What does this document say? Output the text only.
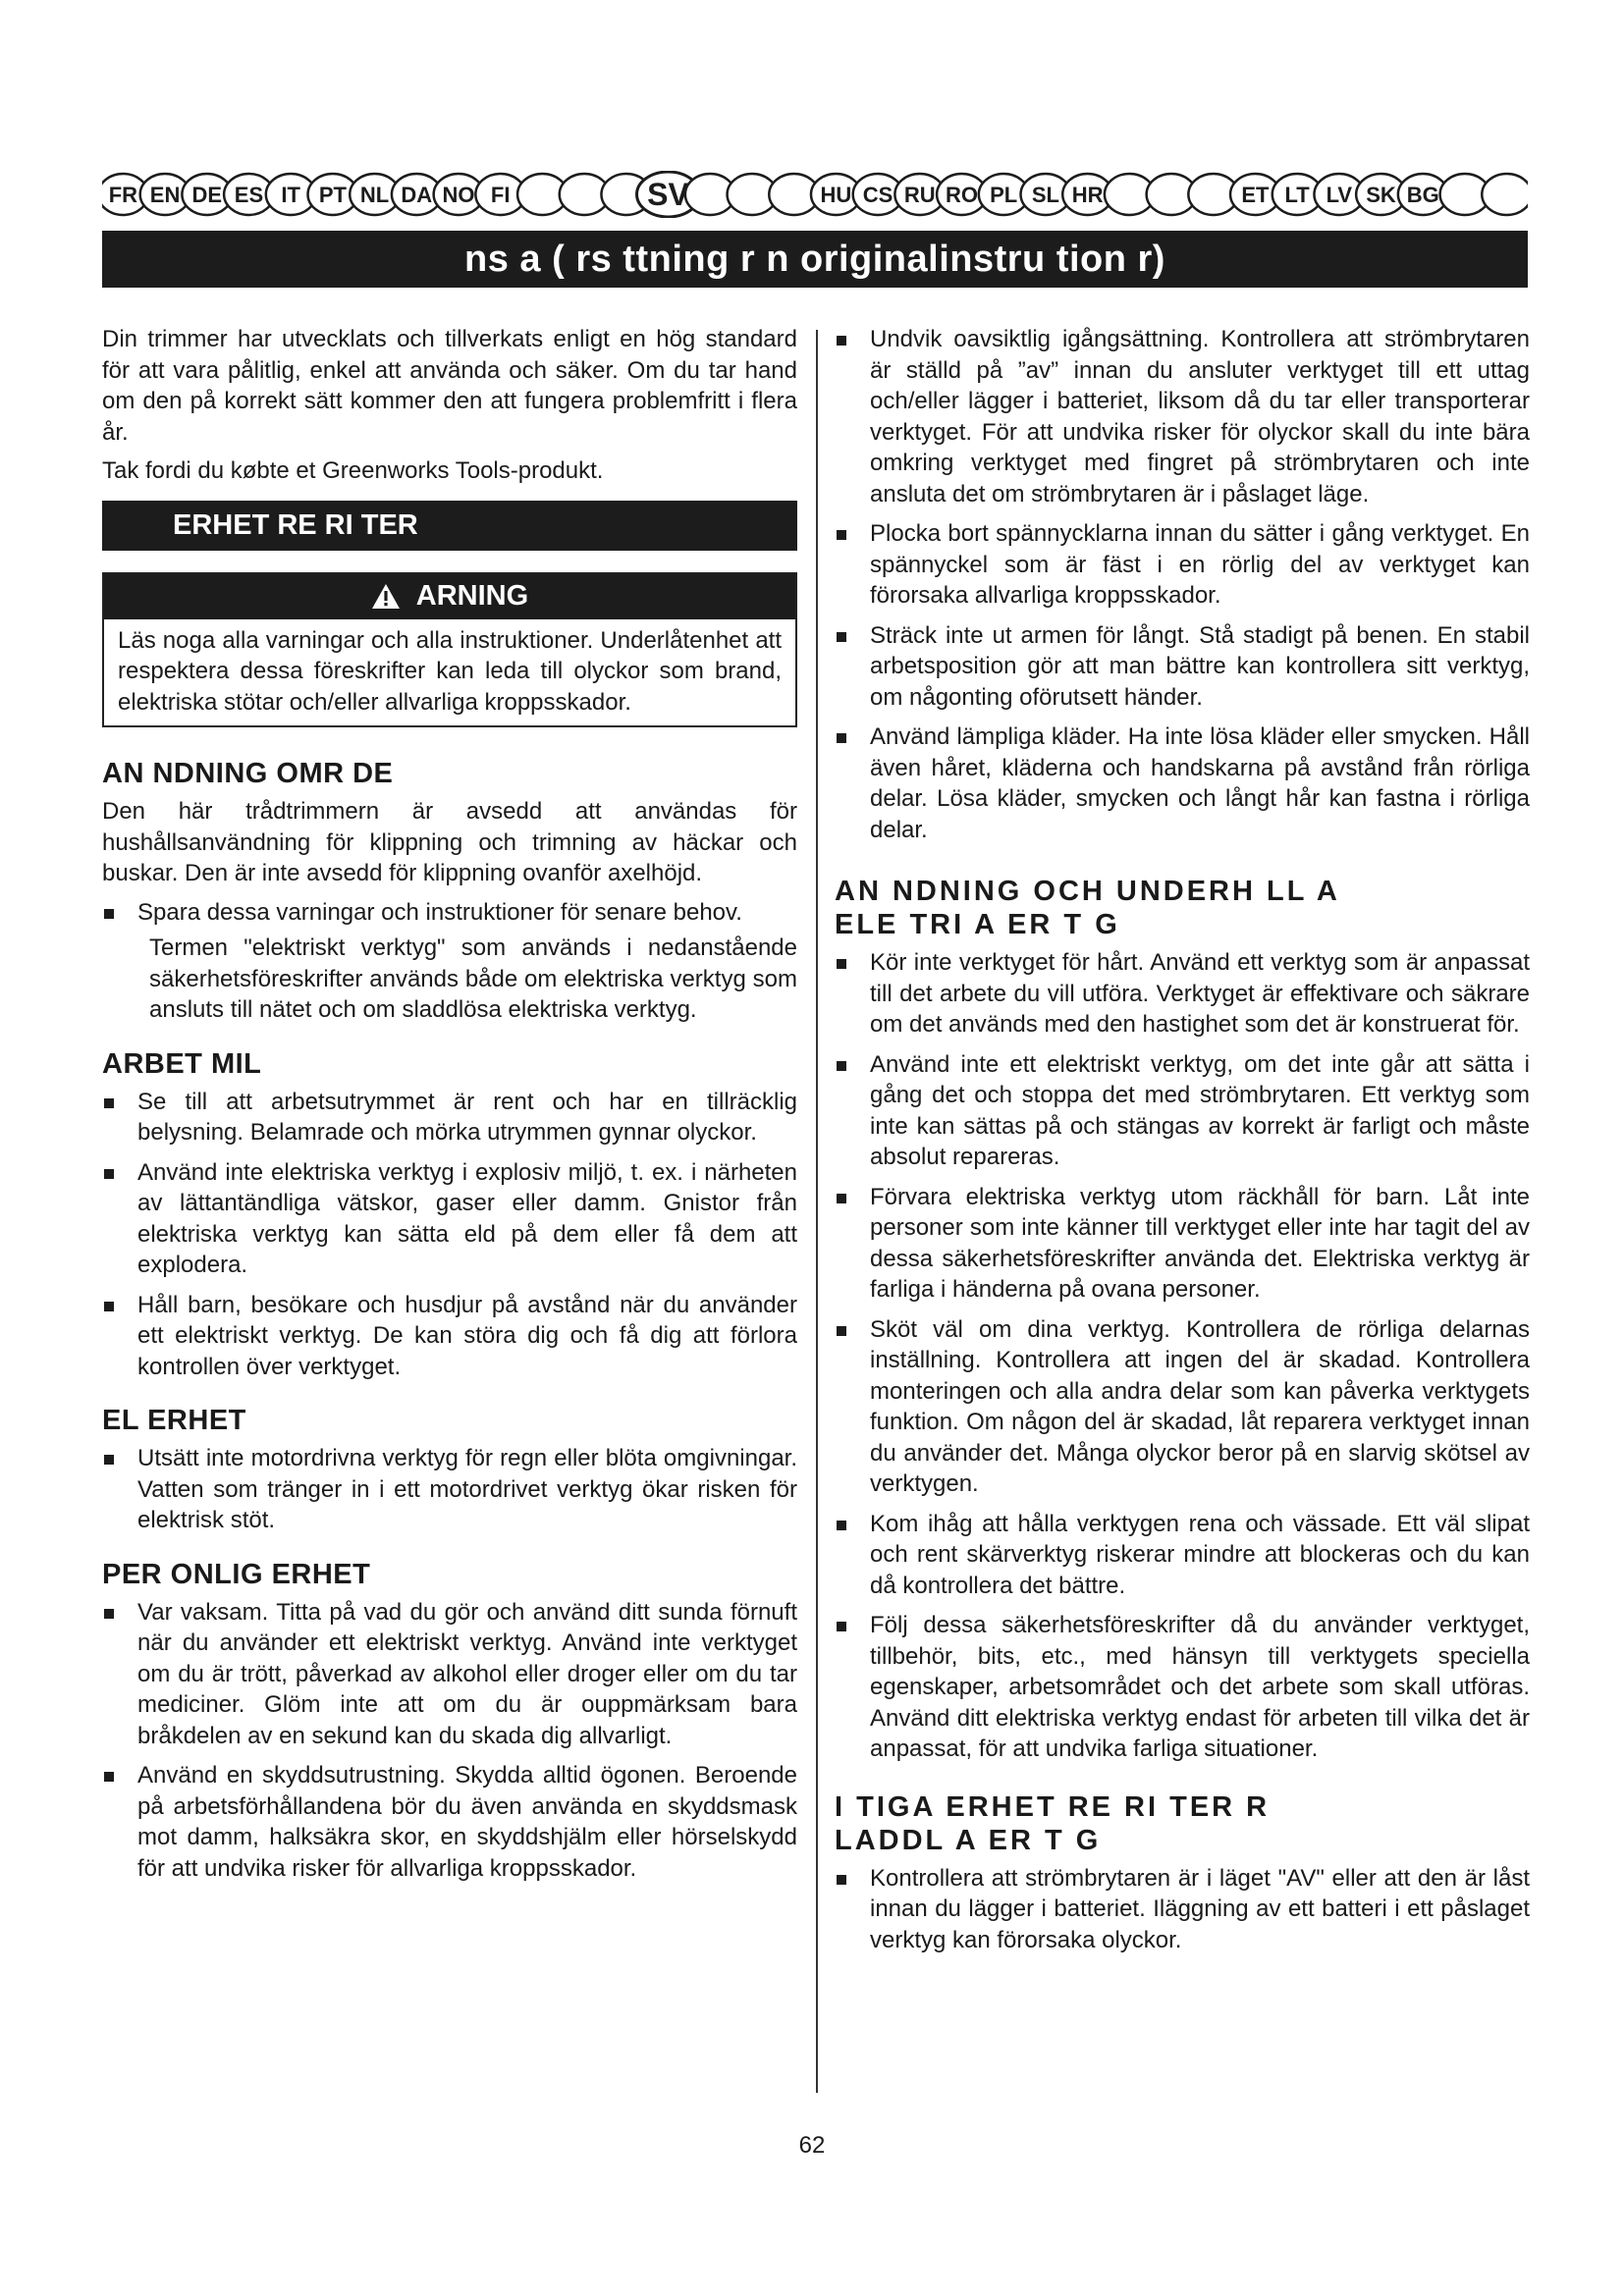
FR EN DE ES IT PT NL DA NO FI	SV	HU CS RU RO PL SL HR	ET LT LV SK BG
ns a ( rs ttning r n originalinstru tion r)

Din trimmer har utvecklats och tillverkats enligt en hög standard för att vara pålitlig, enkel att använda och säker. Om du tar hand om den på korrekt sätt kommer den att fungera problemfritt i flera år.

Tak fordi du købte et Greenworks Tools-produkt.

ERHET RE RI TER
ARNING
Läs noga alla varningar och alla instruktioner. Underlåtenhet att respektera dessa föreskrifter kan leda till olyckor som brand, elektriska stötar och/eller allvarliga kroppsskador.
AN NDNING OMR DE

Den här trådtrimmern är avsedd att användas för hushållsanvändning för klippning och trimning av häckar och buskar. Den är inte avsedd för klippning ovanför axelhöjd.

Spara dessa varningar och instruktioner för senare behov.

Termen "elektriskt verktyg" som används i nedanstående säkerhetsföreskrifter används både om elektriska verktyg som ansluts till nätet och om sladdlösa elektriska verktyg.

ARBET MIL
Se till att arbetsutrymmet är rent och har en tillräcklig belysning. Belamrade och mörka utrymmen gynnar olyckor.
Använd inte elektriska verktyg i explosiv miljö, t. ex. i närheten av lättantändliga vätskor, gaser eller damm. Gnistor från elektriska verktyg kan sätta eld på dem eller få dem att explodera.
Håll barn, besökare och husdjur på avstånd när du använder ett elektriskt verktyg. De kan störa dig och få dig att förlora kontrollen över verktyget.
EL ERHET
Utsätt inte motordrivna verktyg för regn eller blöta omgivningar. Vatten som tränger in i ett motordrivet verktyg ökar risken för elektrisk stöt.
PER ONLIG ERHET
Var vaksam. Titta på vad du gör och använd ditt sunda förnuft när du använder ett elektriskt verktyg. Använd inte verktyget om du är trött, påverkad av alkohol eller droger eller om du tar mediciner. Glöm inte att om du är ouppmärksam bara bråkdelen av en sekund kan du skada dig allvarligt.
Använd en skyddsutrustning. Skydda alltid ögonen. Beroende på arbetsförhållandena bör du även använda en skyddsmask mot damm, halksäkra skor, en skyddshjälm eller hörselskydd för att undvika risker för allvarliga kroppsskador.
Undvik oavsiktlig igångsättning. Kontrollera att strömbrytaren är ställd på ”av” innan du ansluter verktyget till ett uttag och/eller lägger i batteriet, liksom då du tar eller transporterar verktyget. För att undvika risker för olyckor skall du inte bära omkring verktyget med fingret på strömbrytaren och inte ansluta det om strömbrytaren är i påslaget läge.
Plocka bort spännycklarna innan du sätter i gång verktyget. En spännyckel som är fäst i en rörlig del av verktyget kan förorsaka allvarliga kroppsskador.
Sträck inte ut armen för långt. Stå stadigt på benen. En stabil arbetsposition gör att man bättre kan kontrollera sitt verktyg, om någonting oförutsett händer.
Använd lämpliga kläder. Ha inte lösa kläder eller smycken. Håll även håret, kläderna och handskarna på avstånd från rörliga delar. Lösa kläder, smycken och långt hår kan fastna i rörliga delar.
AN NDNING OCH UNDERH LL A
ELE TRI A ER T G
Kör inte verktyget för hårt. Använd ett verktyg som är anpassat till det arbete du vill utföra. Verktyget är effektivare och säkrare om det används med den hastighet som det är konstruerat för.
Använd inte ett elektriskt verktyg, om det inte går att sätta i gång det och stoppa det med strömbrytaren. Ett verktyg som inte kan sättas på och stängas av korrekt är farligt och måste absolut repareras.
Förvara elektriska verktyg utom räckhåll för barn. Låt inte personer som inte känner till verktyget eller inte har tagit del av dessa säkerhetsföreskrifter använda det. Elektriska verktyg är farliga i händerna på ovana personer.
Sköt väl om dina verktyg. Kontrollera de rörliga delarnas inställning. Kontrollera att ingen del är skadad. Kontrollera monteringen och alla andra delar som kan påverka verktygets funktion. Om någon del är skadad, låt reparera verktyget innan du använder det. Många olyckor beror på en slarvig skötsel av verktygen.
Kom ihåg att hålla verktygen rena och vässade. Ett väl slipat och rent skärverktyg riskerar mindre att blockeras och du kan då kontrollera det bättre.
Följ dessa säkerhetsföreskrifter då du använder verktyget, tillbehör, bits, etc., med hänsyn till verktygets speciella egenskaper, arbetsområdet och det arbete som skall utföras. Använd ditt elektriska verktyg endast för arbeten till vilka det är anpassat, för att undvika farliga situationer.
I TIGA ERHET RE RI TER R
LADDL A ER T G
Kontrollera att strömbrytaren är i läget "AV" eller att den är låst innan du lägger i batteriet. Iläggning av ett batteri i ett påslaget verktyg kan förorsaka olyckor.
62
